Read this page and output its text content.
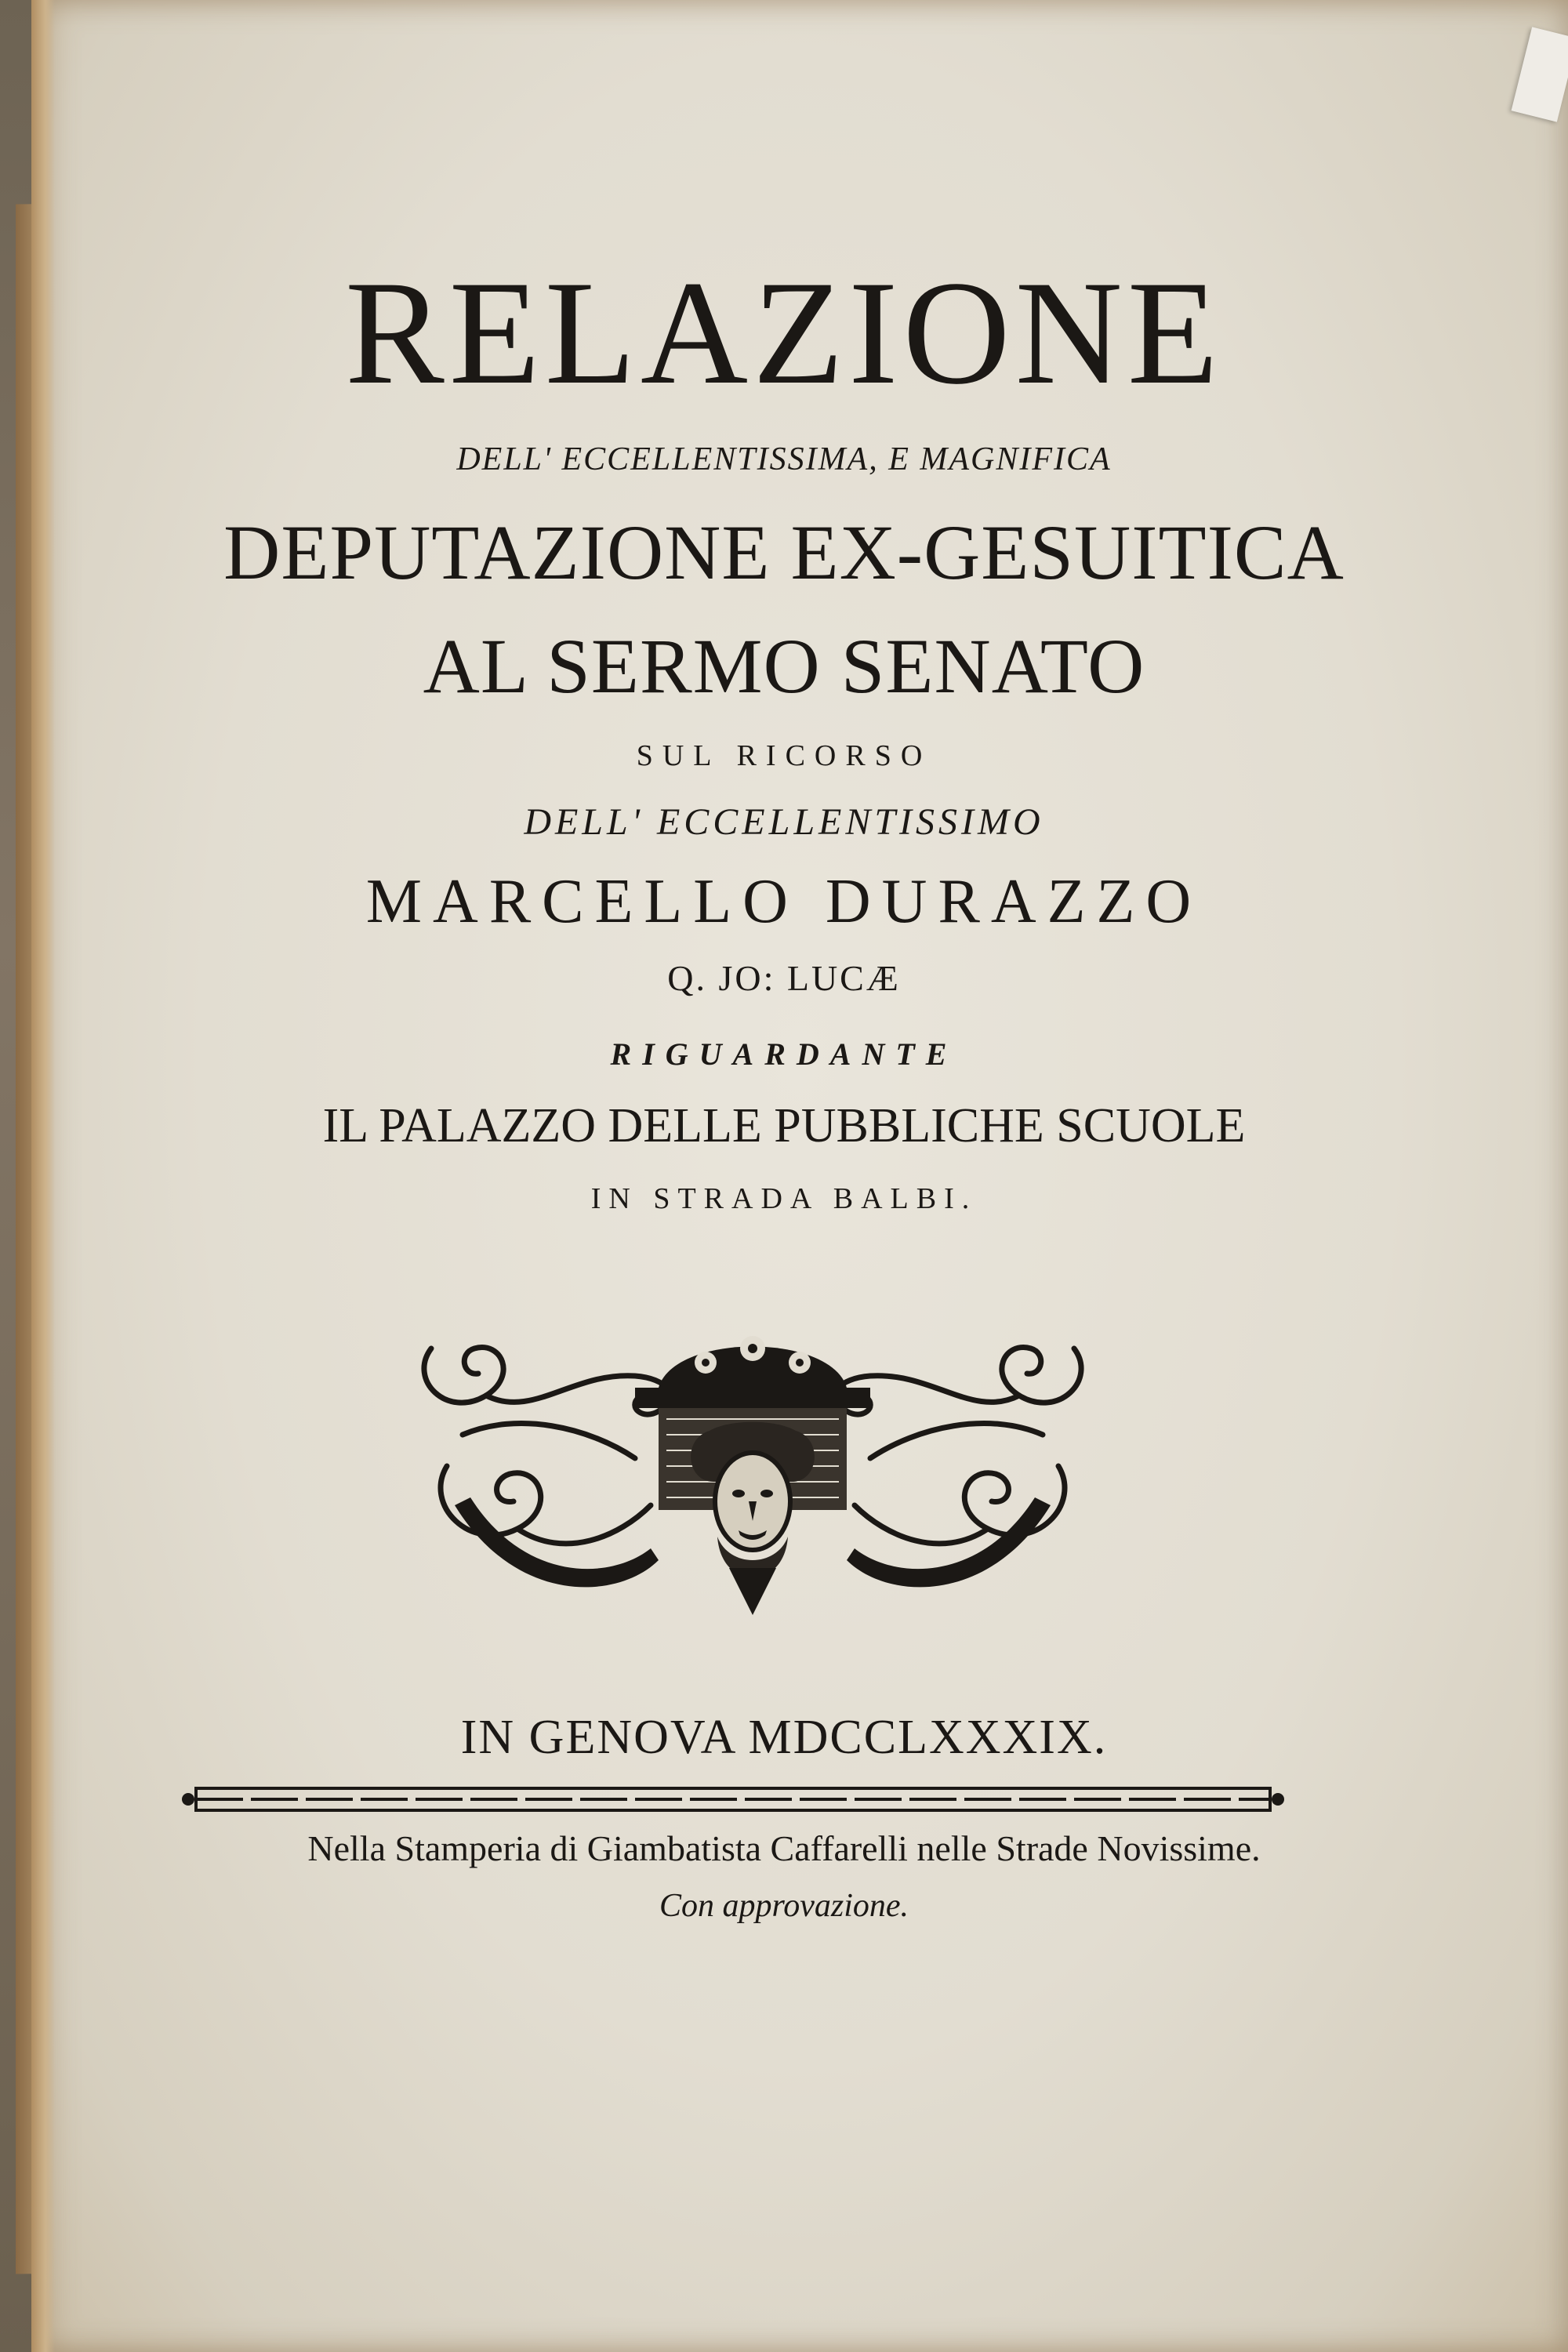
RELAZIONE

DELL' ECCELLENTISSIMA, E MAGNIFICA

DEPUTAZIONE EX-GESUITICA

AL SERMO SENATO

SUL RICORSO

DELL' ECCELLENTISSIMO

MARCELLO DURAZZO

Q. JO: LUCÆ

RIGUARDANTE

IL PALAZZO DELLE PUBBLICHE SCUOLE

IN STRADA BALBI.

IN GENOVA MDCCLXXXIX.

Nella Stamperia di Giambatista Caffarelli nelle Strade Novissime.

Con approvazione.
